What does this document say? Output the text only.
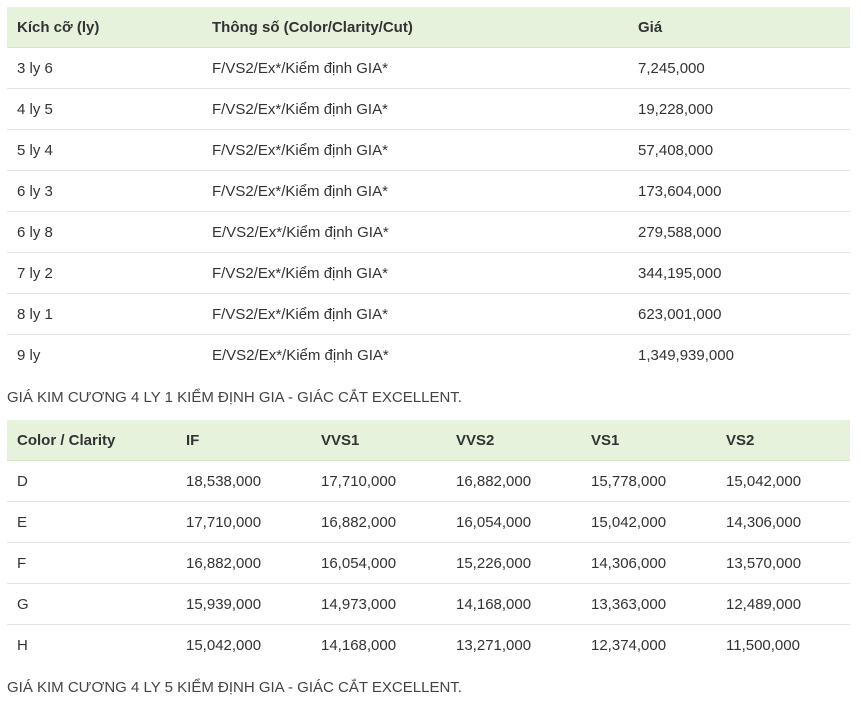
Kích cỡ (ly)	Thông số (Color/Clarity/Cut)	Giá
3 ly 6	F/VS2/Ex*/Kiểm định GIA*	7,245,000
4 ly 5	F/VS2/Ex*/Kiểm định GIA*	19,228,000
5 ly 4	F/VS2/Ex*/Kiểm định GIA*	57,408,000
6 ly 3	F/VS2/Ex*/Kiểm định GIA*	173,604,000
6 ly 8	E/VS2/Ex*/Kiểm định GIA*	279,588,000
7 ly 2	F/VS2/Ex*/Kiểm định GIA*	344,195,000
8 ly 1	F/VS2/Ex*/Kiểm định GIA*	623,001,000
9 ly	E/VS2/Ex*/Kiểm định GIA*	1,349,939,000
GIÁ KIM CƯƠNG 4 LY 1 KIỂM ĐỊNH GIA - GIÁC CẮT EXCELLENT.
Color / Clarity	IF	VVS1	VVS2	VS1	VS2
D	18,538,000	17,710,000	16,882,000	15,778,000	15,042,000
E	17,710,000	16,882,000	16,054,000	15,042,000	14,306,000
F	16,882,000	16,054,000	15,226,000	14,306,000	13,570,000
G	15,939,000	14,973,000	14,168,000	13,363,000	12,489,000
H	15,042,000	14,168,000	13,271,000	12,374,000	11,500,000
GIÁ KIM CƯƠNG 4 LY 5 KIỂM ĐỊNH GIA - GIÁC CẮT EXCELLENT.
